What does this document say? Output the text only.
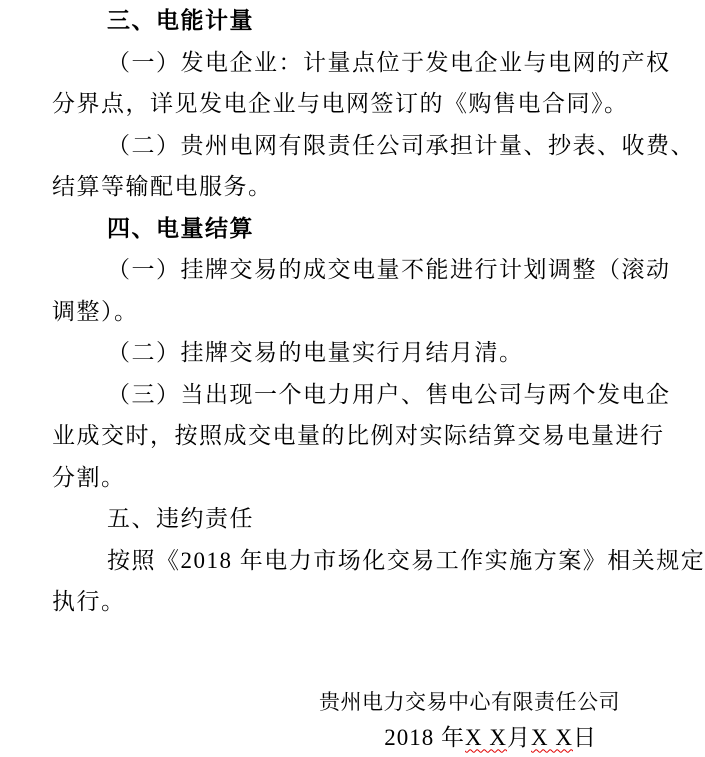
三、电能计量
（一）发电企业：计量点位于发电企业与电网的产权
分界点，详见发电企业与电网签订的《购售电合同》。
（二）贵州电网有限责任公司承担计量、抄表、收费、
结算等输配电服务。
四、电量结算
（一）挂牌交易的成交电量不能进行计划调整（滚动
调整）。
（二）挂牌交易的电量实行月结月清。
（三）当出现一个电力用户、售电公司与两个发电企
业成交时，按照成交电量的比例对实际结算交易电量进行
分割。
五、违约责任
按照《2018 年电力市场化交易工作实施方案》相关规定
执行。
贵州电力交易中心有限责任公司
2018 年X X月X X日
